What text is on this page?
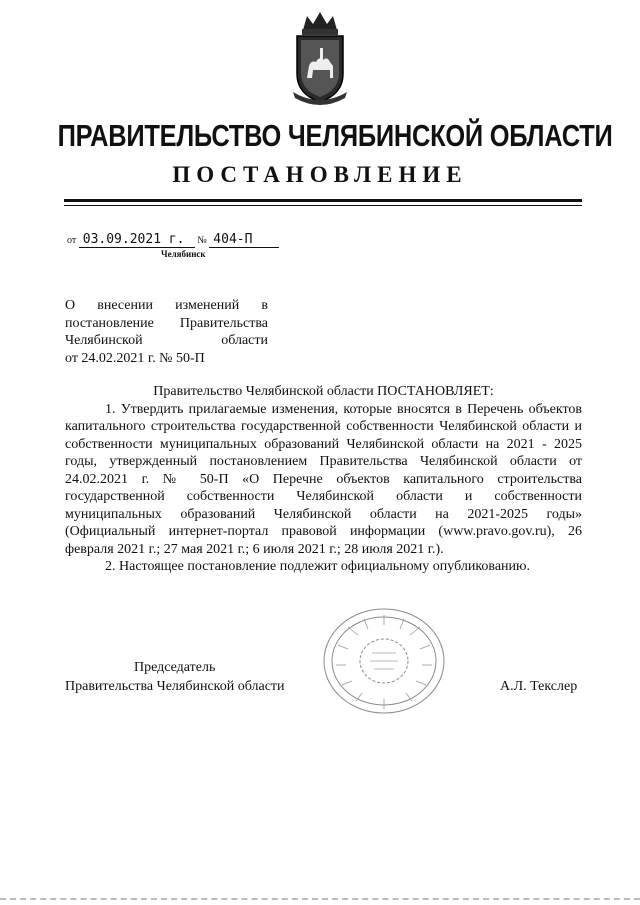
ПРАВИТЕЛЬСТВО ЧЕЛЯБИНСКОЙ ОБЛАСТИ
ПОСТАНОВЛЕНИЕ
от 03.09.2021 г. № 404-П
Челябинск
О внесении изменений в
постановление Правительства
Челябинской области
от 24.02.2021 г. № 50-П
Правительство Челябинской области ПОСТАНОВЛЯЕТ:
1. Утвердить прилагаемые изменения, которые вносятся в Перечень объектов капитального строительства государственной собственности Челябинской области и собственности муниципальных образований Челябинской области на 2021 - 2025 годы, утвержденный постановлением Правительства Челябинской области от 24.02.2021 г. № 50-П «О Перечне объектов капитального строительства государственной собственности Челябинской области и собственности муниципальных образований Челябинской области на 2021-2025 годы» (Официальный интернет-портал правовой информации (www.pravo.gov.ru), 26 февраля 2021 г.; 27 мая 2021 г.; 6 июля 2021 г.; 28 июля 2021 г.).
2. Настоящее постановление подлежит официальному опубликованию.
Председатель
Правительства Челябинской области	А.Л. Текслер
